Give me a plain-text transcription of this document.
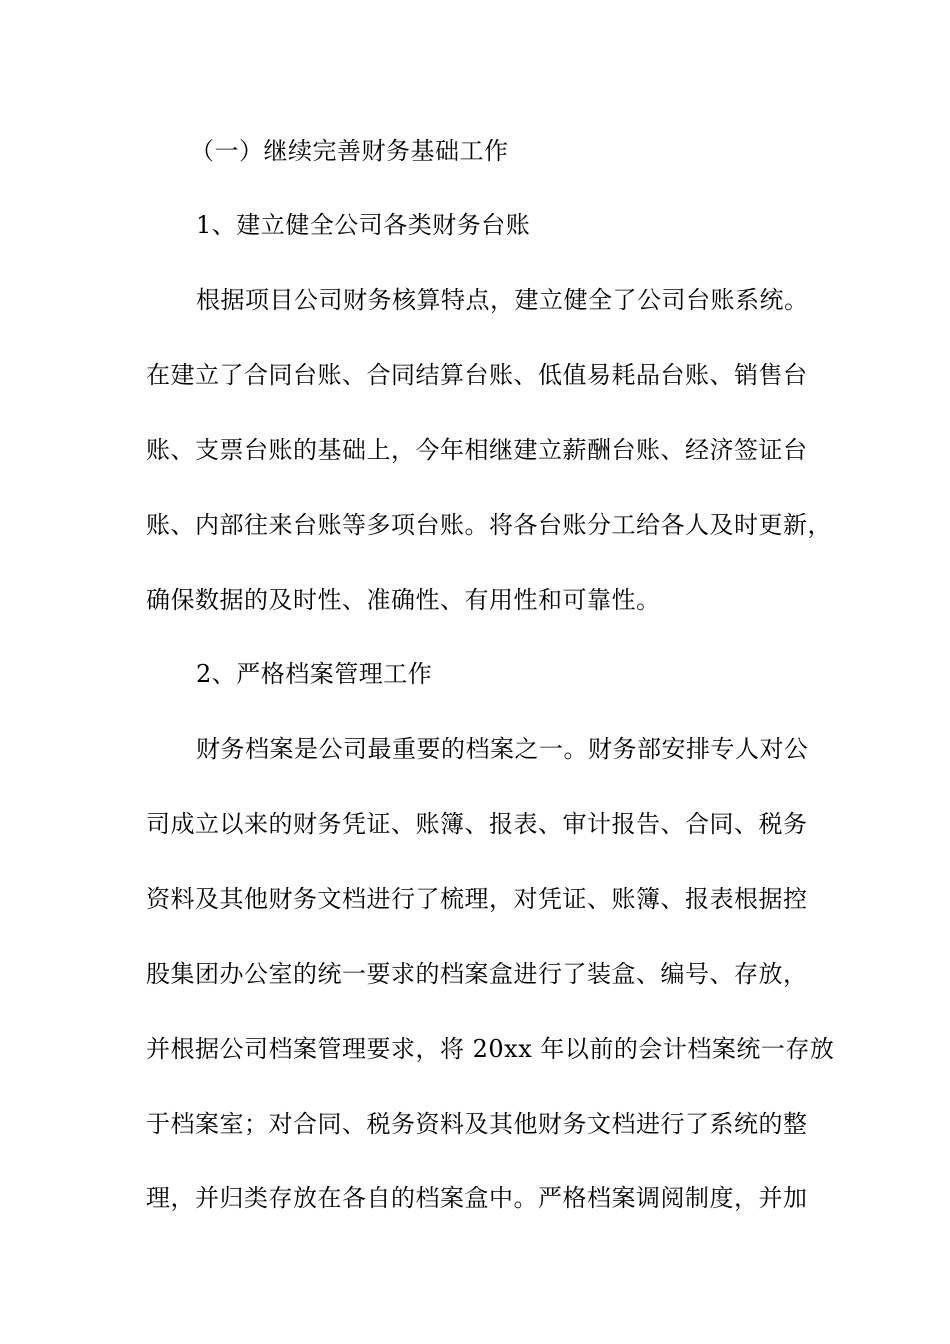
（一）继续完善财务基础工作
1、建立健全公司各类财务台账
根据项目公司财务核算特点，建立健全了公司台账系统。
在建立了合同台账、合同结算台账、低值易耗品台账、销售台
账、支票台账的基础上，今年相继建立薪酬台账、经济签证台
账、内部往来台账等多项台账。将各台账分工给各人及时更新，
确保数据的及时性、准确性、有用性和可靠性。
2、严格档案管理工作
财务档案是公司最重要的档案之一。财务部安排专人对公
司成立以来的财务凭证、账簿、报表、审计报告、合同、税务
资料及其他财务文档进行了梳理，对凭证、账簿、报表根据控
股集团办公室的统一要求的档案盒进行了装盒、编号、存放，
并根据公司档案管理要求，将 20xx 年以前的会计档案统一存放
于档案室；对合同、税务资料及其他财务文档进行了系统的整
理，并归类存放在各自的档案盒中。严格档案调阅制度，并加
